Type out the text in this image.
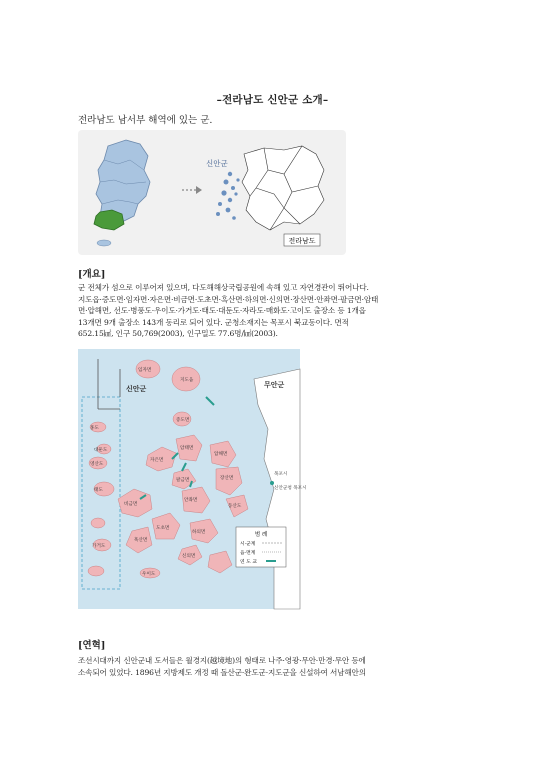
–전라남도 신안군 소개–
전라남도 남서부 해역에 있는 군.
신안군
전라남도
[개요]
군 전체가 섬으로 이루어져 있으며, 다도해해상국립공원에 속해 있고 자연경관이 뛰어나다.
지도읍·증도면·임자면·자은면·비금면·도초면·흑산면·하의면·신의면·장산면·안좌면·팔금면·암태
면·압해면, 선도·병풍도·우이도·가거도·태도·대둔도·자라도·매화도·고이도 출장소 등 1개읍
13개면 9개 출장소 143개 동리로 되어 있다. 군청소재지는 목포시 북교동이다. 면적
652.15㎢, 인구 50,769(2003), 인구밀도 77.6명/㎢(2003).
범 례
시·군계
읍·면계
연 도 교
신안군	무안군
임자면
지도읍
증도면
자은면
암태면
압해면
팔금면
비금면
안좌면
도초면
하의면
장산면
신의면
흑산면
홍도
대둔도
영산도
태도
가거도
우이도
동산도
목포시
신안군청 목포시
[연혁]
조선시대까지 신안군내 도서들은 월경지(越境地)의 형태로 나주·영광·무안·만경·무안 등에
소속되어 있었다. 1896년 지방제도 개정 때 돌산군·완도군·지도군을 신설하여 서남해안의
